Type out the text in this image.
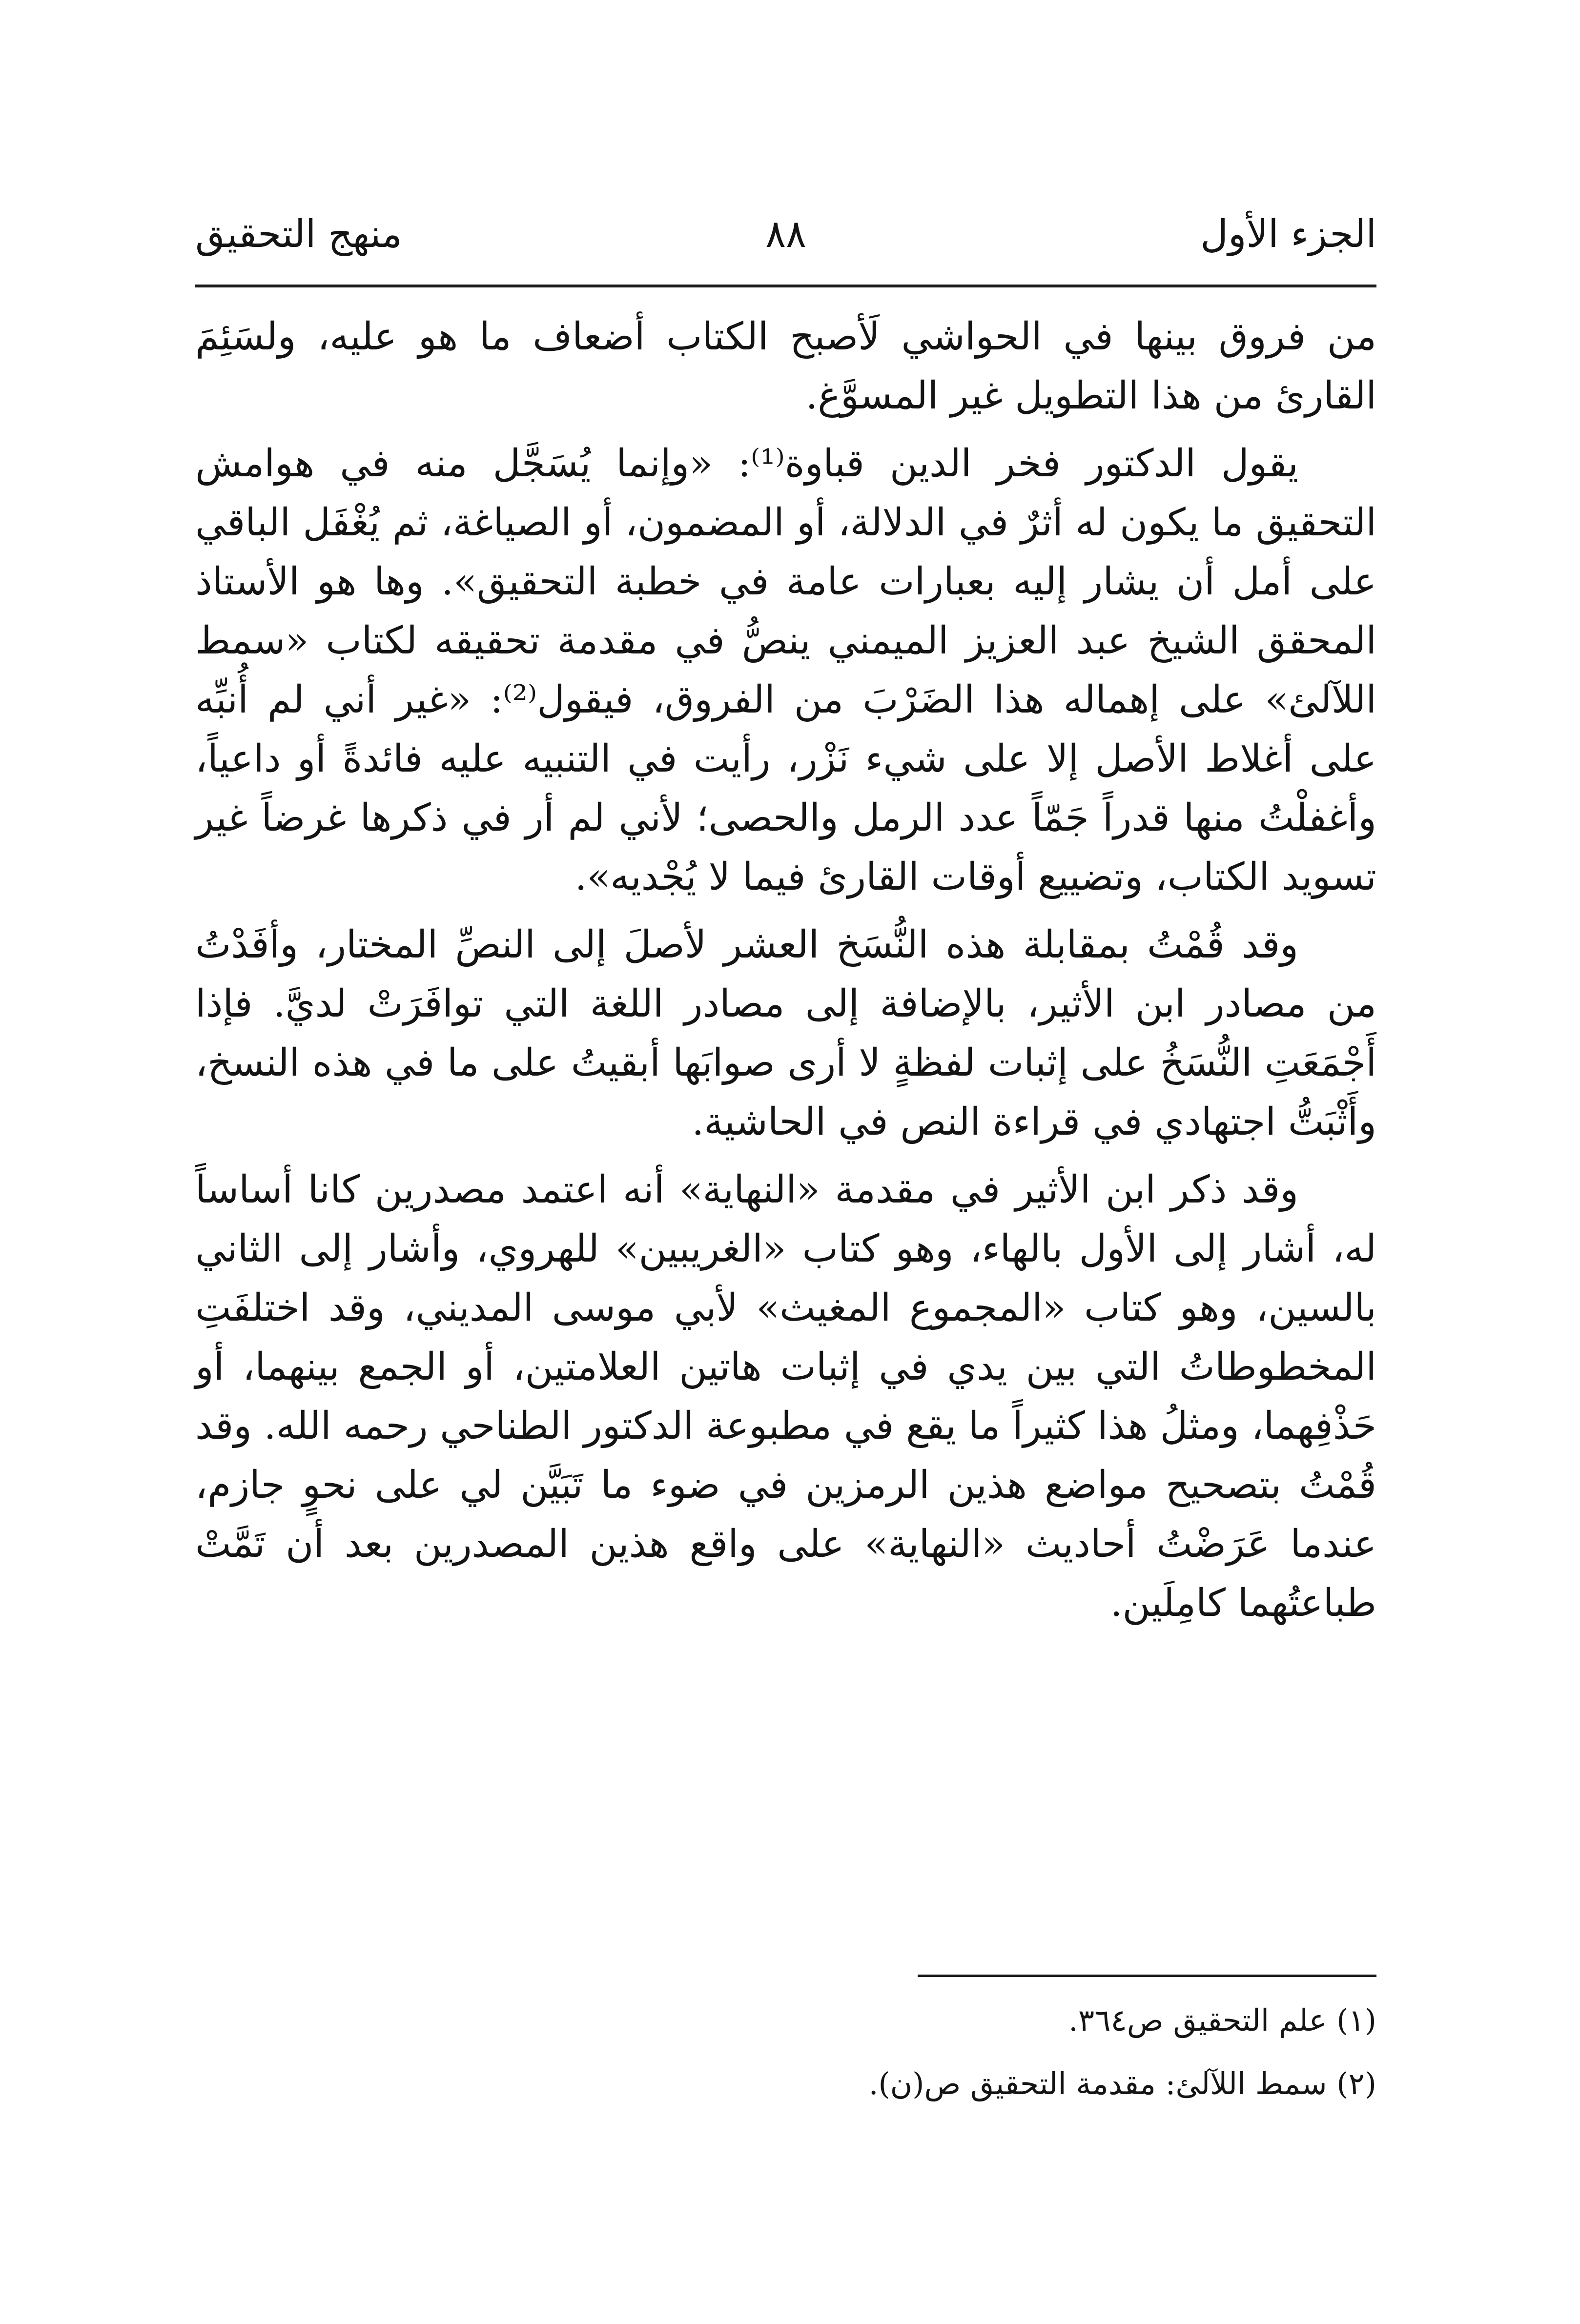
الجزء الأول
٨٨
منهج التحقيق

من فروق بينها في الحواشي لَأصبح الكتاب أضعاف ما هو عليه، ولسَئِمَ القارئ من هذا التطويل غير المسوَّغ.

يقول الدكتور فخر الدين قباوة⁽¹⁾: «وإنما يُسَجَّل منه في هوامش التحقيق ما يكون له أثرٌ في الدلالة، أو المضمون، أو الصياغة، ثم يُغْفَل الباقي على أمل أن يشار إليه بعبارات عامة في خطبة التحقيق». وها هو الأستاذ المحقق الشيخ عبد العزيز الميمني ينصُّ في مقدمة تحقيقه لكتاب «سمط اللآلئ» على إهماله هذا الضَرْبَ من الفروق، فيقول⁽²⁾: «غير أني لم أُنبِّه على أغلاط الأصل إلا على شيء نَزْر، رأيت في التنبيه عليه فائدةً أو داعياً، وأغفلْتُ منها قدراً جَمّاً عدد الرمل والحصى؛ لأني لم أر في ذكرها غرضاً غير تسويد الكتاب، وتضييع أوقات القارئ فيما لا يُجْديه».

وقد قُمْتُ بمقابلة هذه النُّسَخ العشر لأصلَ إلى النصِّ المختار، وأفَدْتُ من مصادر ابن الأثير، بالإضافة إلى مصادر اللغة التي توافَرَتْ لديَّ. فإذا أَجْمَعَتِ النُّسَخُ على إثبات لفظةٍ لا أرى صوابَها أبقيتُ على ما في هذه النسخ، وأَثْبَتُّ اجتهادي في قراءة النص في الحاشية.

وقد ذكر ابن الأثير في مقدمة «النهاية» أنه اعتمد مصدرين كانا أساساً له، أشار إلى الأول بالهاء، وهو كتاب «الغريبين» للهروي، وأشار إلى الثاني بالسين، وهو كتاب «المجموع المغيث» لأبي موسى المديني، وقد اختلفَتِ المخطوطاتُ التي بين يدي في إثبات هاتين العلامتين، أو الجمع بينهما، أو حَذْفِهما، ومثلُ هذا كثيراً ما يقع في مطبوعة الدكتور الطناحي رحمه الله. وقد قُمْتُ بتصحيح مواضع هذين الرمزين في ضوء ما تَبَيَّن لي على نحوٍ جازم، عندما عَرَضْتُ أحاديث «النهاية» على واقع هذين المصدرين بعد أن تَمَّتْ طباعتُهما كامِلَين.

(١) علم التحقيق ص٣٦٤.
(٢) سمط اللآلئ: مقدمة التحقيق ص(ن).
